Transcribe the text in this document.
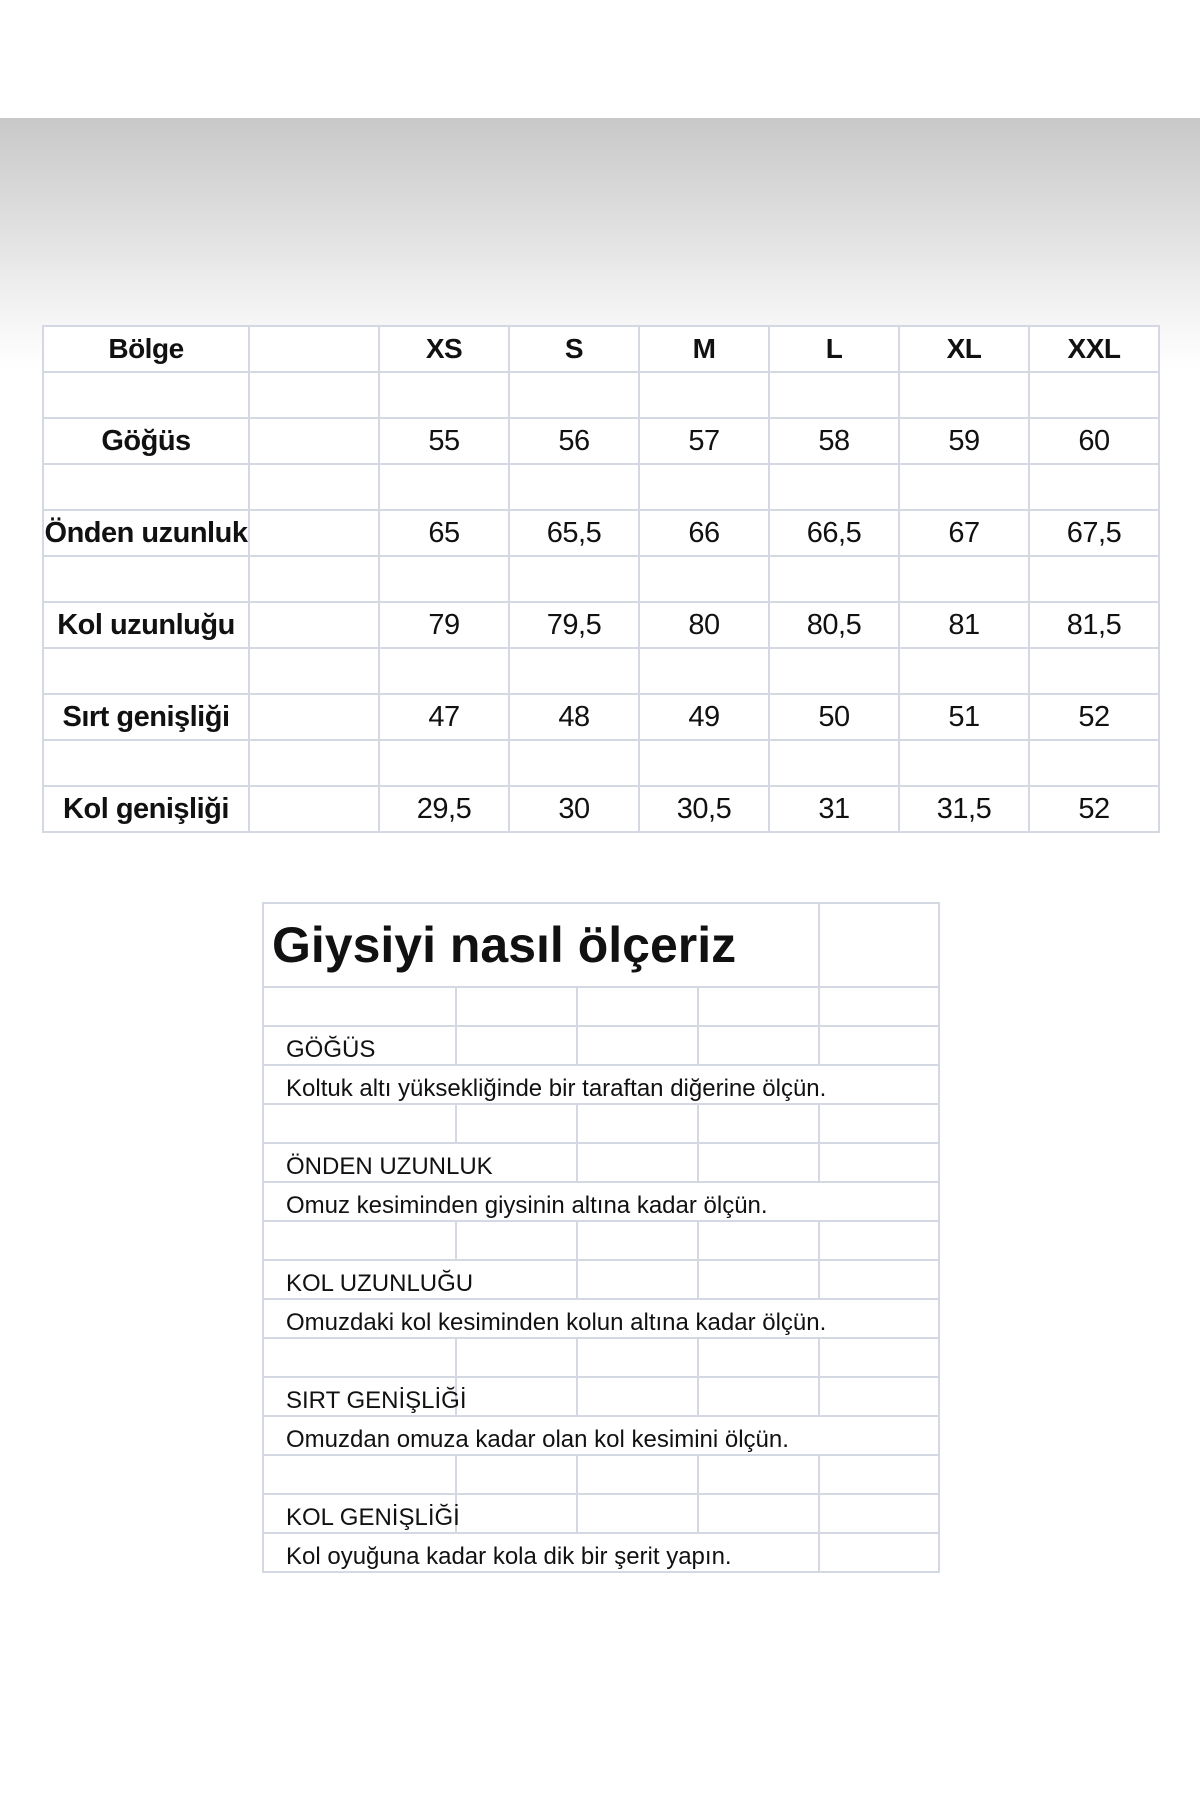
Bölge		XS	S	M	L	XL	XXL

Göğüs		55	56	57	58	59	60

Önden uzunluk		65	65,5	66	66,5	67	67,5

Kol uzunluğu		79	79,5	80	80,5	81	81,5

Sırt genişliği		47	48	49	50	51	52

Kol genişliği		29,5	30	30,5	31	31,5	52
Giysiyi nasıl ölçeriz				

GÖĞÜS				
Koltuk altı yüksekliğinde bir taraftan diğerine ölçün.				

ÖNDEN UZUNLUK				
Omuz kesiminden giysinin altına kadar ölçün.				

KOL UZUNLUĞU				
Omuzdaki kol kesiminden kolun altına kadar ölçün.				

SIRT GENİŞLİĞİ				
Omuzdan omuza kadar olan kol kesimini ölçün.				

KOL GENİŞLİĞİ				
Kol oyuğuna kadar kola dik bir şerit yapın.				
